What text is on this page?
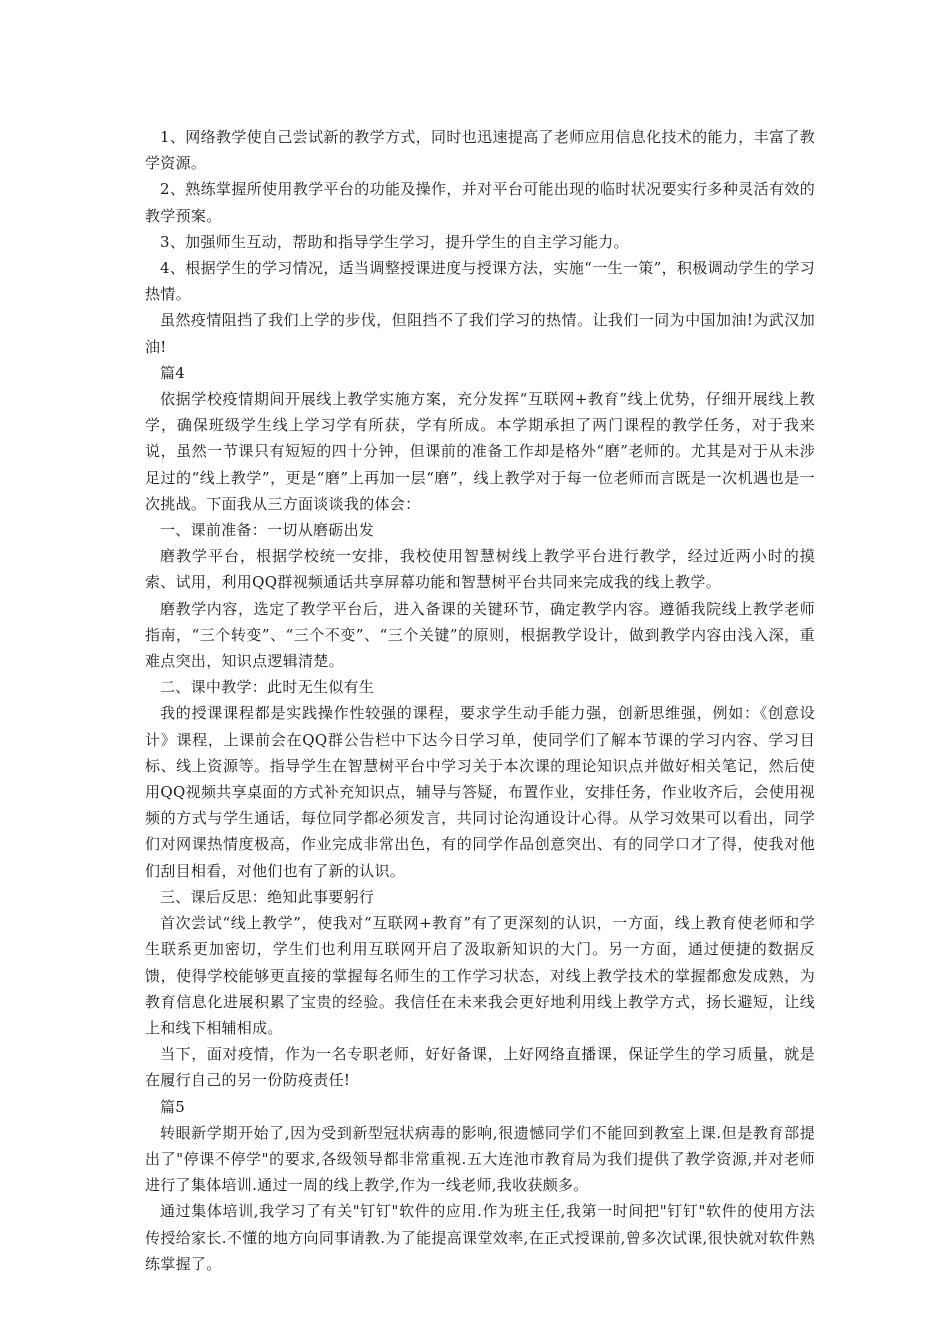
1、网络教学使自己尝试新的教学方式，同时也迅速提高了老师应用信息化技术的能力，丰富了教学资源。

2、熟练掌握所使用教学平台的功能及操作，并对平台可能出现的临时状况要实行多种灵活有效的教学预案。

3、加强师生互动，帮助和指导学生学习，提升学生的自主学习能力。

4、根据学生的学习情况，适当调整授课进度与授课方法，实施“一生一策”，积极调动学生的学习热情。

虽然疫情阻挡了我们上学的步伐，但阻挡不了我们学习的热情。让我们一同为中国加油!为武汉加油!

篇4

依据学校疫情期间开展线上教学实施方案，充分发挥“互联网+教育”线上优势，仔细开展线上教学，确保班级学生线上学习学有所获，学有所成。本学期承担了两门课程的教学任务，对于我来说，虽然一节课只有短短的四十分钟，但课前的准备工作却是格外“磨”老师的。尤其是对于从未涉足过的“线上教学”，更是“磨”上再加一层“磨”，线上教学对于每一位老师而言既是一次机遇也是一次挑战。下面我从三方面谈谈我的体会：

一、课前准备：一切从磨砺出发

磨教学平台，根据学校统一安排，我校使用智慧树线上教学平台进行教学，经过近两小时的摸索、试用，利用QQ群视频通话共享屏幕功能和智慧树平台共同来完成我的线上教学。

磨教学内容，选定了教学平台后，进入备课的关键环节，确定教学内容。遵循我院线上教学老师指南，“三个转变”、“三个不变”、“三个关键”的原则，根据教学设计，做到教学内容由浅入深，重难点突出，知识点逻辑清楚。

二、课中教学：此时无生似有生

我的授课课程都是实践操作性较强的课程，要求学生动手能力强，创新思维强，例如：《创意设计》课程，上课前会在QQ群公告栏中下达今日学习单，使同学们了解本节课的学习内容、学习目标、线上资源等。指导学生在智慧树平台中学习关于本次课的理论知识点并做好相关笔记，然后使用QQ视频共享桌面的方式补充知识点，辅导与答疑，布置作业，安排任务，作业收齐后，会使用视频的方式与学生通话，每位同学都必须发言，共同讨论沟通设计心得。从学习效果可以看出，同学们对网课热情度极高，作业完成非常出色，有的同学作品创意突出、有的同学口才了得，使我对他们刮目相看，对他们也有了新的认识。

三、课后反思：绝知此事要躬行

首次尝试“线上教学”，使我对“互联网+教育”有了更深刻的认识，一方面，线上教育使老师和学生联系更加密切，学生们也利用互联网开启了汲取新知识的大门。另一方面，通过便捷的数据反馈，使得学校能够更直接的掌握每名师生的工作学习状态，对线上教学技术的掌握都愈发成熟，为教育信息化进展积累了宝贵的经验。我信任在未来我会更好地利用线上教学方式，扬长避短，让线上和线下相辅相成。

当下，面对疫情，作为一名专职老师，好好备课，上好网络直播课，保证学生的学习质量，就是在履行自己的另一份防疫责任!

篇5

转眼新学期开始了,因为受到新型冠状病毒的影响,很遗憾同学们不能回到教室上课.但是教育部提出了"停课不停学"的要求,各级领导都非常重视.五大连池市教育局为我们提供了教学资源,并对老师进行了集体培训.通过一周的线上教学,作为一线老师,我收获颇多。

通过集体培训,我学习了有关"钉钉"软件的应用.作为班主任,我第一时间把"钉钉"软件的使用方法传授给家长.不懂的地方向同事请教.为了能提高课堂效率,在正式授课前,曾多次试课,很快就对软件熟练掌握了。
